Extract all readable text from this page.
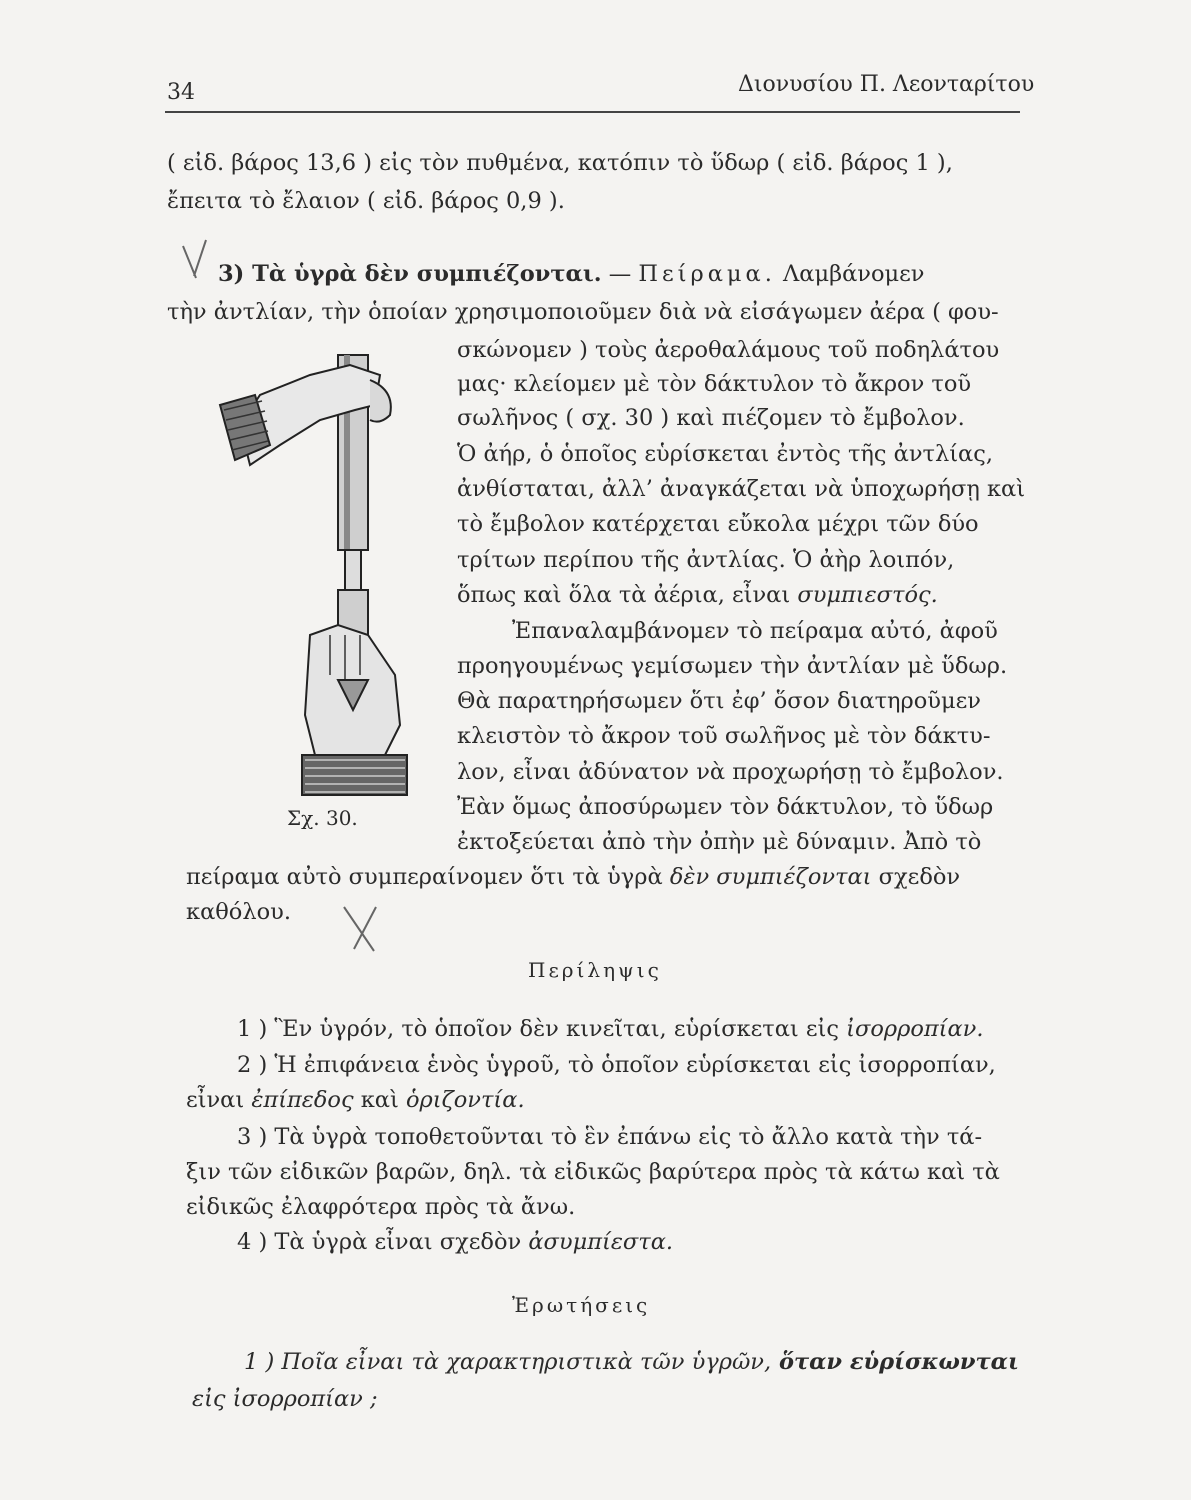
34	Διονυσίου Π. Λεονταρίτου
( εἰδ. βάρος 13,6 ) εἰς τὸν πυθμένα, κατόπιν τὸ ὕδωρ ( εἰδ. βάρος 1 ),
ἔπειτα τὸ ἔλαιον ( εἰδ. βάρος 0,9 ).
3) Τὰ ὑγρὰ δὲν συμπιέζονται. — Πείραμα. Λαμβάνομεν
τὴν ἀντλίαν, τὴν ὁποίαν χρησιμοποιοῦμεν διὰ νὰ εἰσάγωμεν ἀέρα ( φου-
σκώνομεν ) τοὺς ἀεροθαλάμους τοῦ ποδηλάτου
μας· κλείομεν μὲ τὸν δάκτυλον τὸ ἄκρον τοῦ
σωλῆνος ( σχ. 30 ) καὶ πιέζομεν τὸ ἔμβολον.
Ὁ ἀήρ, ὁ ὁποῖος εὑρίσκεται ἐντὸς τῆς ἀντλίας,
ἀνθίσταται, ἀλλ’ ἀναγκάζεται νὰ ὑποχωρήσῃ καὶ
τὸ ἔμβολον κατέρχεται εὔκολα μέχρι τῶν δύο
τρίτων περίπου τῆς ἀντλίας. Ὁ ἀὴρ λοιπόν,
ὅπως καὶ ὅλα τὰ ἀέρια, εἶναι συμπιεστός.
Ἐπαναλαμβάνομεν τὸ πείραμα αὐτό, ἀφοῦ
προηγουμένως γεμίσωμεν τὴν ἀντλίαν μὲ ὕδωρ.
Θὰ παρατηρήσωμεν ὅτι ἐφ’ ὅσον διατηροῦμεν
κλειστὸν τὸ ἄκρον τοῦ σωλῆνος μὲ τὸν δάκτυ-
λον, εἶναι ἀδύνατον νὰ προχωρήσῃ τὸ ἔμβολον.
Ἐὰν ὅμως ἀποσύρωμεν τὸν δάκτυλον, τὸ ὕδωρ
ἐκτοξεύεται ἀπὸ τὴν ὀπὴν μὲ δύναμιν. Ἀπὸ τὸ
Σχ. 30.
πείραμα αὐτὸ συμπεραίνομεν ὅτι τὰ ὑγρὰ δὲν συμπιέζονται σχεδὸν
καθόλου.
Περίληψις
1 ) Ἓν ὑγρόν, τὸ ὁποῖον δὲν κινεῖται, εὑρίσκεται εἰς ἰσορροπίαν.
2 ) Ἡ ἐπιφάνεια ἑνὸς ὑγροῦ, τὸ ὁποῖον εὑρίσκεται εἰς ἰσορροπίαν,
εἶναι ἐπίπεδος καὶ ὁριζοντία.
3 ) Τὰ ὑγρὰ τοποθετοῦνται τὸ ἓν ἐπάνω εἰς τὸ ἄλλο κατὰ τὴν τά-
ξιν τῶν εἰδικῶν βαρῶν, δηλ. τὰ εἰδικῶς βαρύτερα πρὸς τὰ κάτω καὶ τὰ
εἰδικῶς ἐλαφρότερα πρὸς τὰ ἄνω.
4 ) Τὰ ὑγρὰ εἶναι σχεδὸν ἀσυμπίεστα.
Ἐρωτήσεις
1 ) Ποῖα εἶναι τὰ χαρακτηριστικὰ τῶν ὑγρῶν, ὅταν εὑρίσκωνται
εἰς ἰσορροπίαν ;
